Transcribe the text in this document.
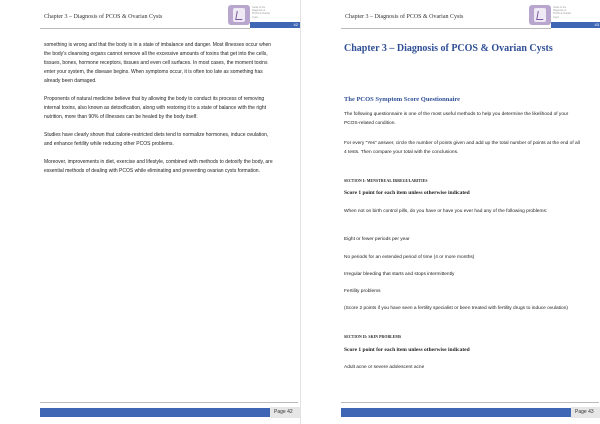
Chapter 3 – Diagnosis of PCOS & Ovarian Cysts
Guide to the
Diagnosis of
PCOS & Ovarian
Cysts
42

something is wrong and that the body is in a state of imbalance and danger. Most illnesses occur when the body's cleansing organs cannot remove all the excessive amounts of toxins that get into the cells, tissues, bones, hormone receptors, tissues and even cell surfaces. In most cases, the moment toxins enter your system, the disease begins. When symptoms occur, it is often too late as something has already been damaged.

Proponents of natural medicine believe that by allowing the body to conduct its process of removing internal toxins, also known as detoxification, along with restoring it to a state of balance with the right nutrition, more than 90% of illnesses can be healed by the body itself.

Studies have clearly shown that calorie-restricted diets tend to normalize hormones, induce ovulation, and enhance fertility while reducing other PCOS problems.

Moreover, improvements in diet, exercise and lifestyle, combined with methods to detoxify the body, are essential methods of dealing with PCOS while eliminating and preventing ovarian cysts formation.

Page 42
Chapter 3 – Diagnosis of PCOS & Ovarian Cysts
Guide to the
Diagnosis of
PCOS & Ovarian
Cysts
43
Page 43
Chapter 3 – Diagnosis of PCOS & Ovarian Cysts
The PCOS Symptom Score Questionnaire
The following questionnaire is one of the most useful methods to help you determine the likelihood of your PCOS-related condition.
For every “Yes” answer, circle the number of points given and add up the total number of points at the end of all 4 tests. Then compare your total with the conclusions.
SECTION I: MENSTRUAL IRREGULARITIES
Score 1 point for each item unless otherwise indicated
When not on birth control pills, do you have or have you ever had any of the following problems:
Eight or fewer periods per year
No periods for an extended period of time (4 or more months)
Irregular bleeding that starts and stops intermittently
Fertility problems
(Score 2 points if you have seen a fertility specialist or been treated with fertility drugs to induce ovulation)
SECTION II: SKIN PROBLEMS
Score 1 point for each item unless otherwise indicated
Adult acne or severe adolescent acne
